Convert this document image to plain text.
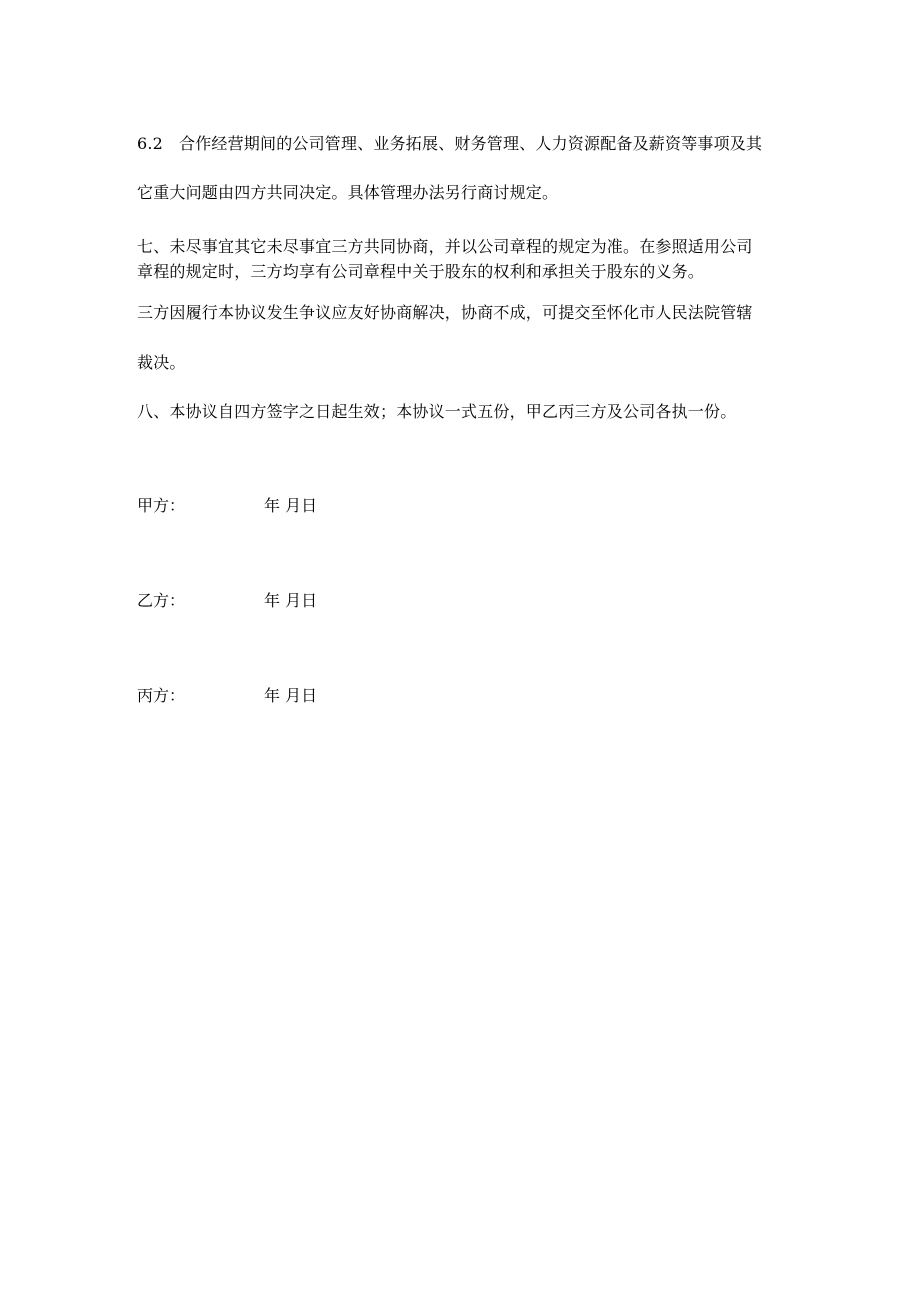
6.2 合作经营期间的公司管理、业务拓展、财务管理、人力资源配备及薪资等事项及其
它重大问题由四方共同决定。具体管理办法另行商讨规定。
七、未尽事宜其它未尽事宜三方共同协商，并以公司章程的规定为准。在参照适用公司
章程的规定时，三方均享有公司章程中关于股东的权利和承担关于股东的义务。
三方因履行本协议发生争议应友好协商解决，协商不成，可提交至怀化市人民法院管辖
裁决。
八、本协议自四方签字之日起生效；本协议一式五份，甲乙丙三方及公司各执一份。
甲方：	年 月日
乙方：	年 月日
丙方：	年 月日
